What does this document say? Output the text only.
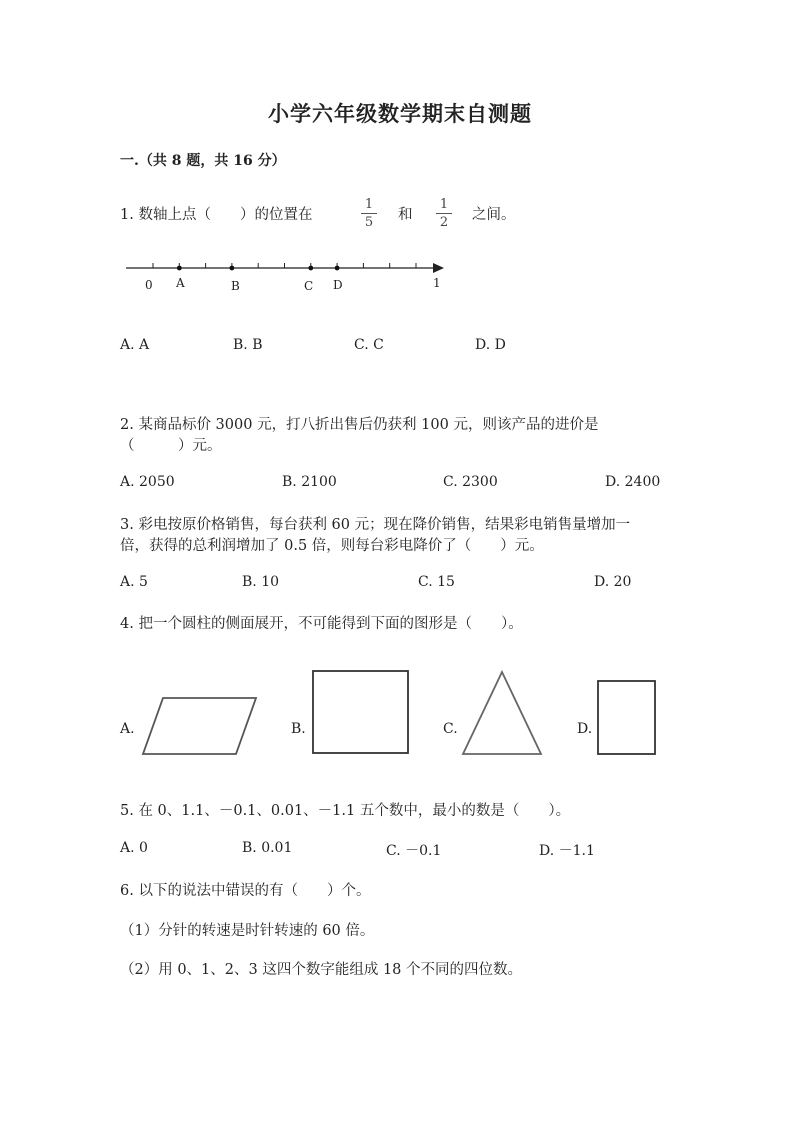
小学六年级数学期末自测题
一.（共 8 题，共 16 分）
1. 数轴上点（　　）的位置在
1
5 和
1
2 之间。
0	1
A	B	C D
A. A	B. B	C. C	D. D
2. 某商品标价 3000 元，打八折出售后仍获利 100 元，则该产品的进价是
（　　　）元。
A. 2050	B. 2100	C. 2300	D. 2400
3. 彩电按原价格销售，每台获利 60 元；现在降价销售，结果彩电销售量增加一
倍，获得的总利润增加了 0.5 倍，则每台彩电降价了（　　）元。
A. 5	B. 10	C. 15	D. 20
4. 把一个圆柱的侧面展开，不可能得到下面的图形是（　　）。
A.	B.	C.	D.
5. 在 0、1.1、－0.1、0.01、－1.1 五个数中，最小的数是（　　）。
A. 0	B. 0.01	C. －0.1	D. －1.1
6. 以下的说法中错误的有（　　）个。
（1）分针的转速是时针转速的 60 倍。
（2）用 0、1、2、3 这四个数字能组成 18 个不同的四位数。
